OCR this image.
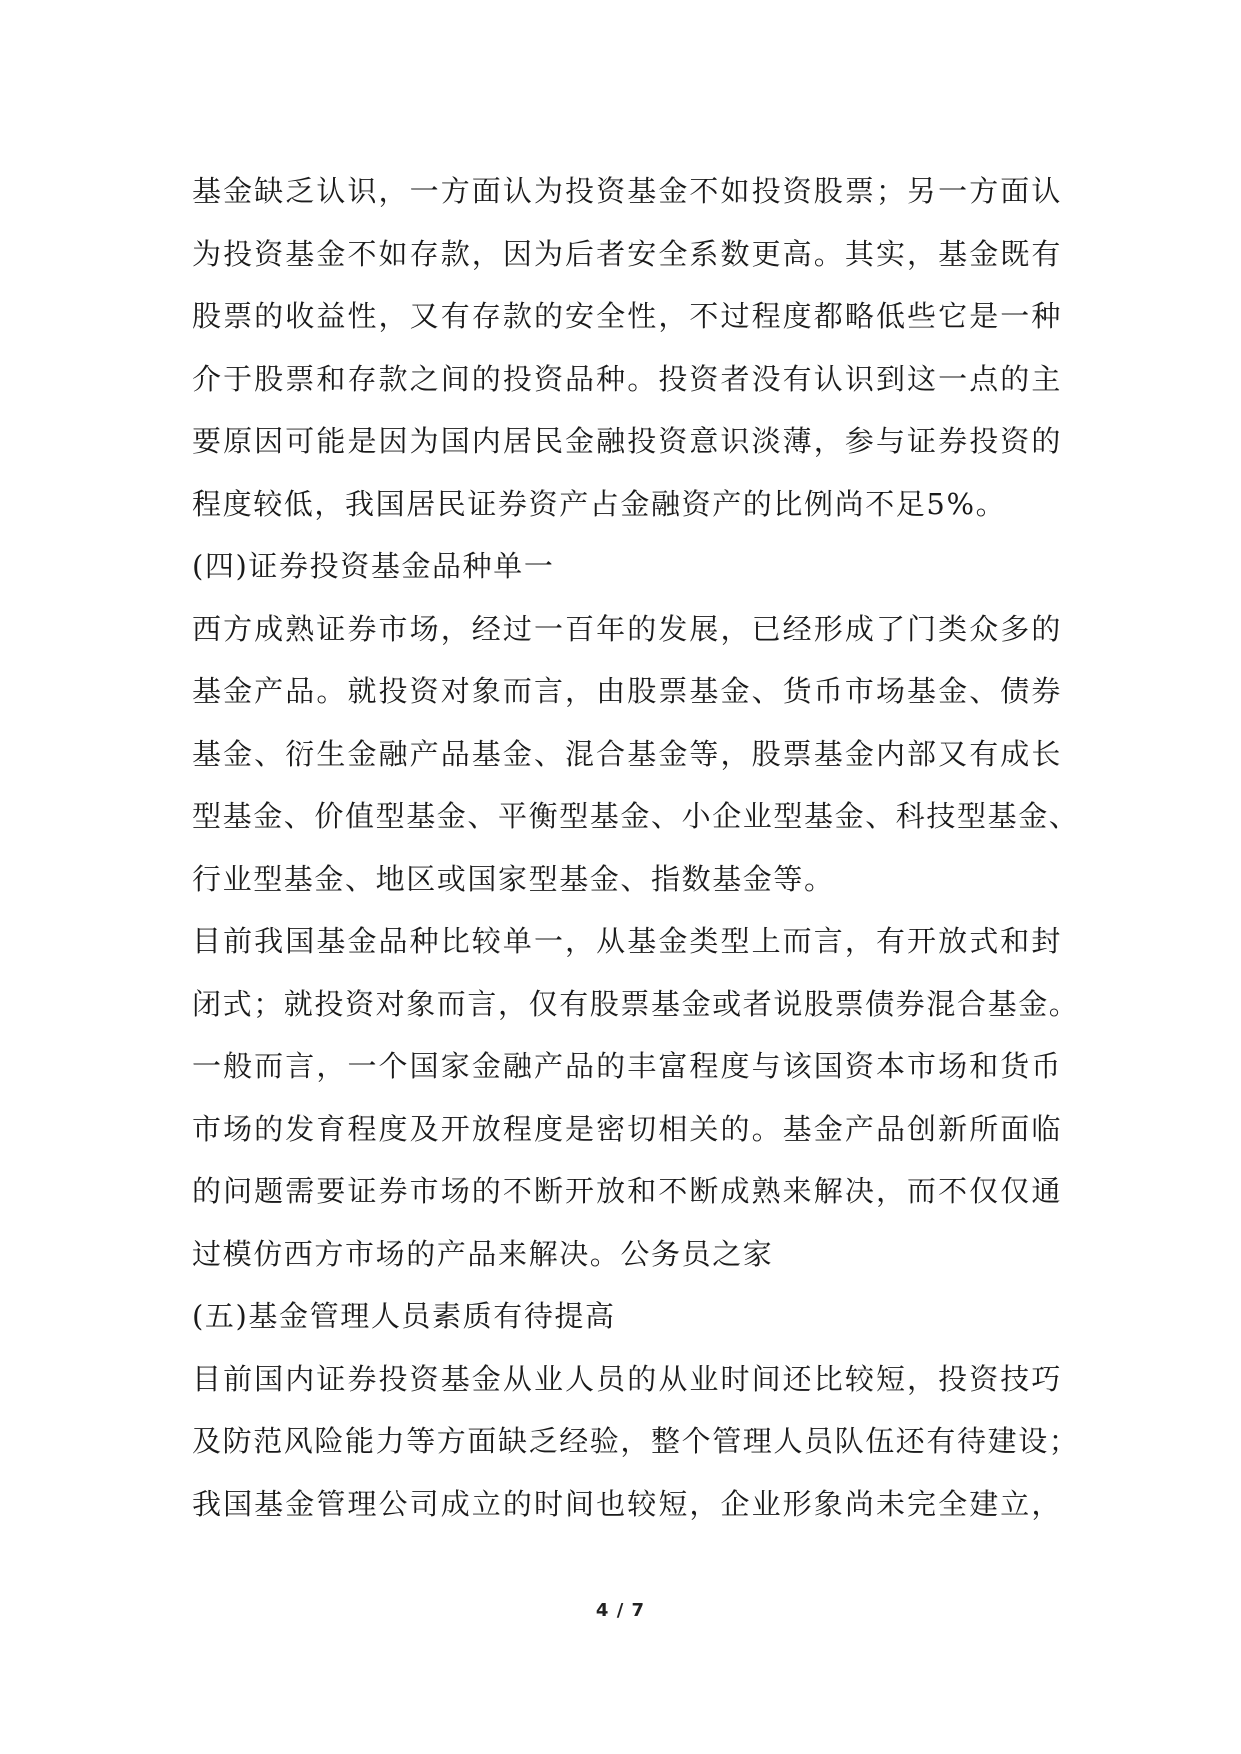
基金缺乏认识，一方面认为投资基金不如投资股票；另一方面认
为投资基金不如存款，因为后者安全系数更高。其实，基金既有
股票的收益性，又有存款的安全性，不过程度都略低些它是一种
介于股票和存款之间的投资品种。投资者没有认识到这一点的主
要原因可能是因为国内居民金融投资意识淡薄，参与证券投资的
程度较低，我国居民证券资产占金融资产的比例尚不足5%。
(四)证券投资基金品种单一
西方成熟证券市场，经过一百年的发展，已经形成了门类众多的
基金产品。就投资对象而言，由股票基金、货币市场基金、债券
基金、衍生金融产品基金、混合基金等，股票基金内部又有成长
型基金、价值型基金、平衡型基金、小企业型基金、科技型基金、
行业型基金、地区或国家型基金、指数基金等。
目前我国基金品种比较单一，从基金类型上而言，有开放式和封
闭式；就投资对象而言，仅有股票基金或者说股票债券混合基金。
一般而言，一个国家金融产品的丰富程度与该国资本市场和货币
市场的发育程度及开放程度是密切相关的。基金产品创新所面临
的问题需要证券市场的不断开放和不断成熟来解决，而不仅仅通
过模仿西方市场的产品来解决。公务员之家
(五)基金管理人员素质有待提高
目前国内证券投资基金从业人员的从业时间还比较短，投资技巧
及防范风险能力等方面缺乏经验，整个管理人员队伍还有待建设；
我国基金管理公司成立的时间也较短，企业形象尚未完全建立，
4 / 7
